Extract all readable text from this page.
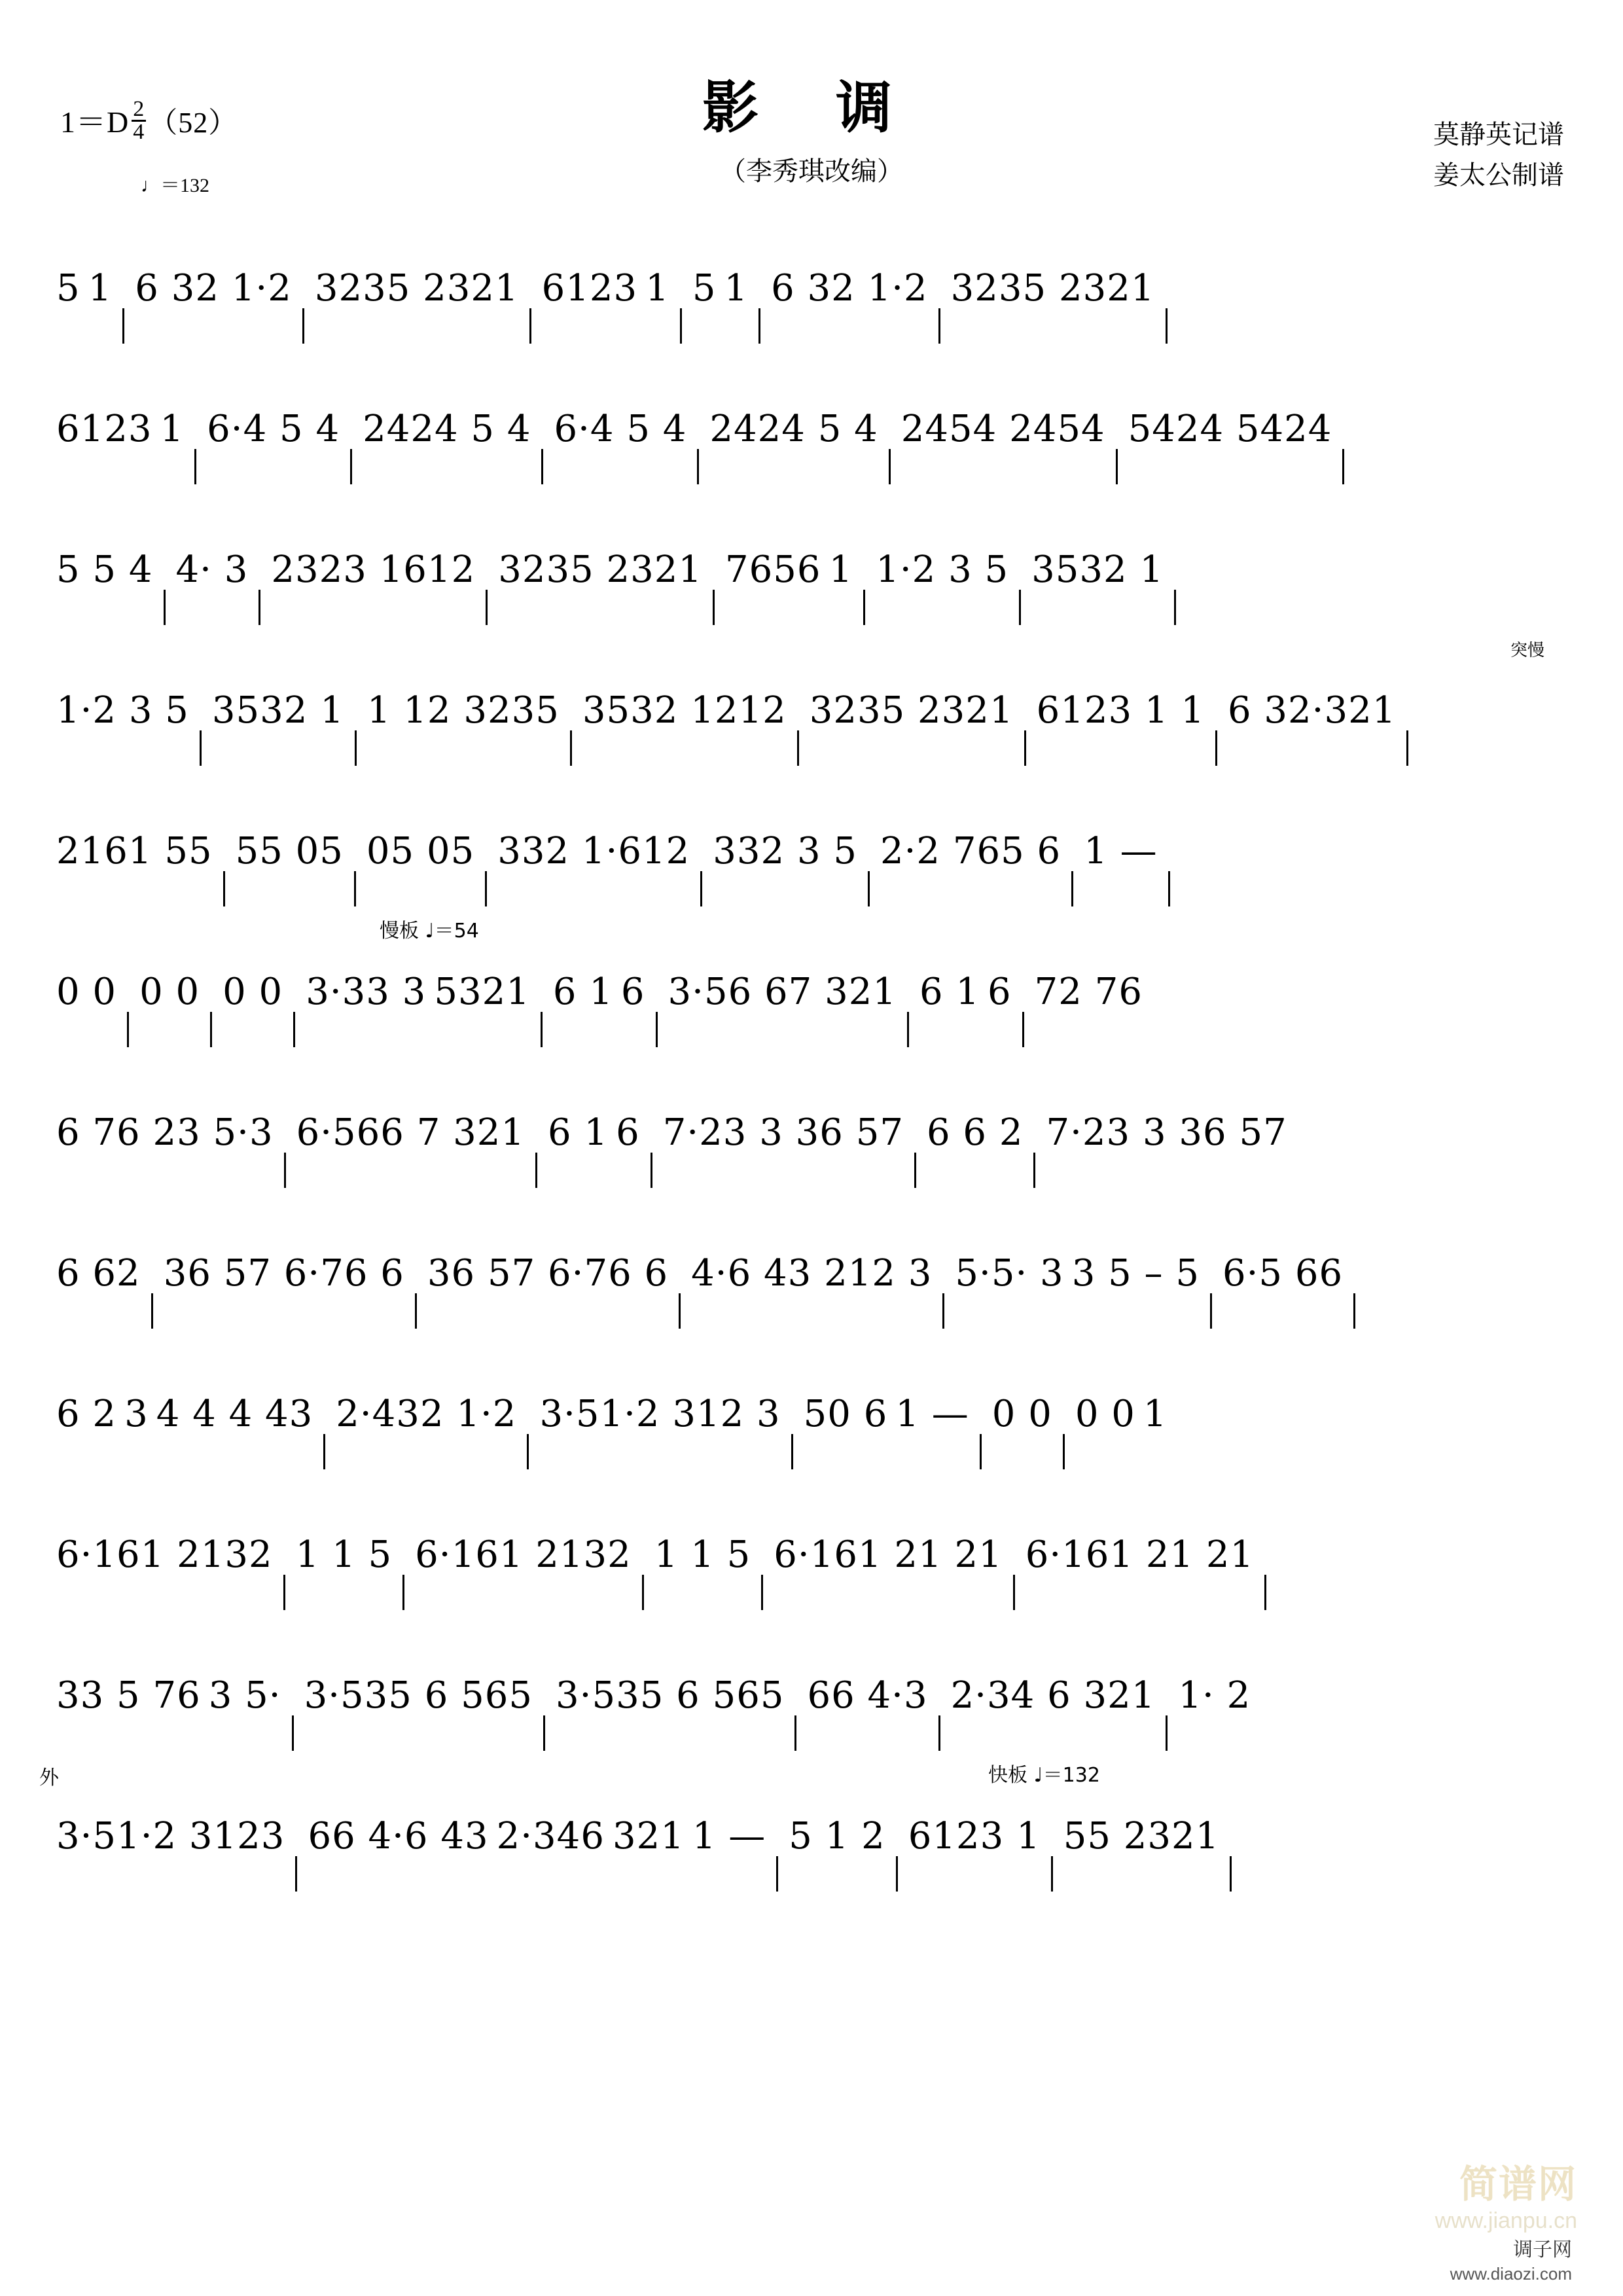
$1=D \frac{2}{4} (52)$
♩＝132
影 调
（李秀琪改编）
莫静英记谱
姜太公制谱
5 1 6 32 1·2 3235 2321 6123 1 5 1 6 32 1·2 3235 2321
6123 1 6·4 5 4 2424 5 4 6·4 5 4 2424 5 4 2454 2454 5424 5424
5 5 4 4· 3 2323 1612 3235 2321 7656 1 1·2 3 5 3532 1
突慢
1·2 3 5 3532 1 1 12 3235 3532 1212 3235 2321 6123 1 1 6 32·321
2161 55 55 05 05 05 332 1·612 332 3 5 2·2 765 6 1 —
慢板 ♩＝54
0 0 0 0 0 0 3·33 3 5321 6 1 6 3·56 67 321 6 1 6 72 76
6 76 23 5·3 6·566 7 321 6 1 6 7·23 3 36 57 6 6 2 7·23 3 36 57
6 62 36 57 6·76 6 36 57 6·76 6 4·6 43 212 3 5·5· 3 3 5 – 5 6·5 66
6 2 3 4 4 4 43 2·432 1·2 3·51·2 312 3 50 6 1 — 0 0 0 0 1
6·161 2132 1 1 5 6·161 2132 1 1 5 6·161 21 21 6·161 21 21
33 5 76 3 5· 3·535 6 565 3·535 6 565 66 4·3 2·34 6 321 1· 2
外	快板 ♩＝132
3·51·2 3123 66 4·6 43 2·346 321 1 — 5 1 2 6123 1 55 2321
简谱网
www.jianpu.cn
调子网
www.diaozi.com
